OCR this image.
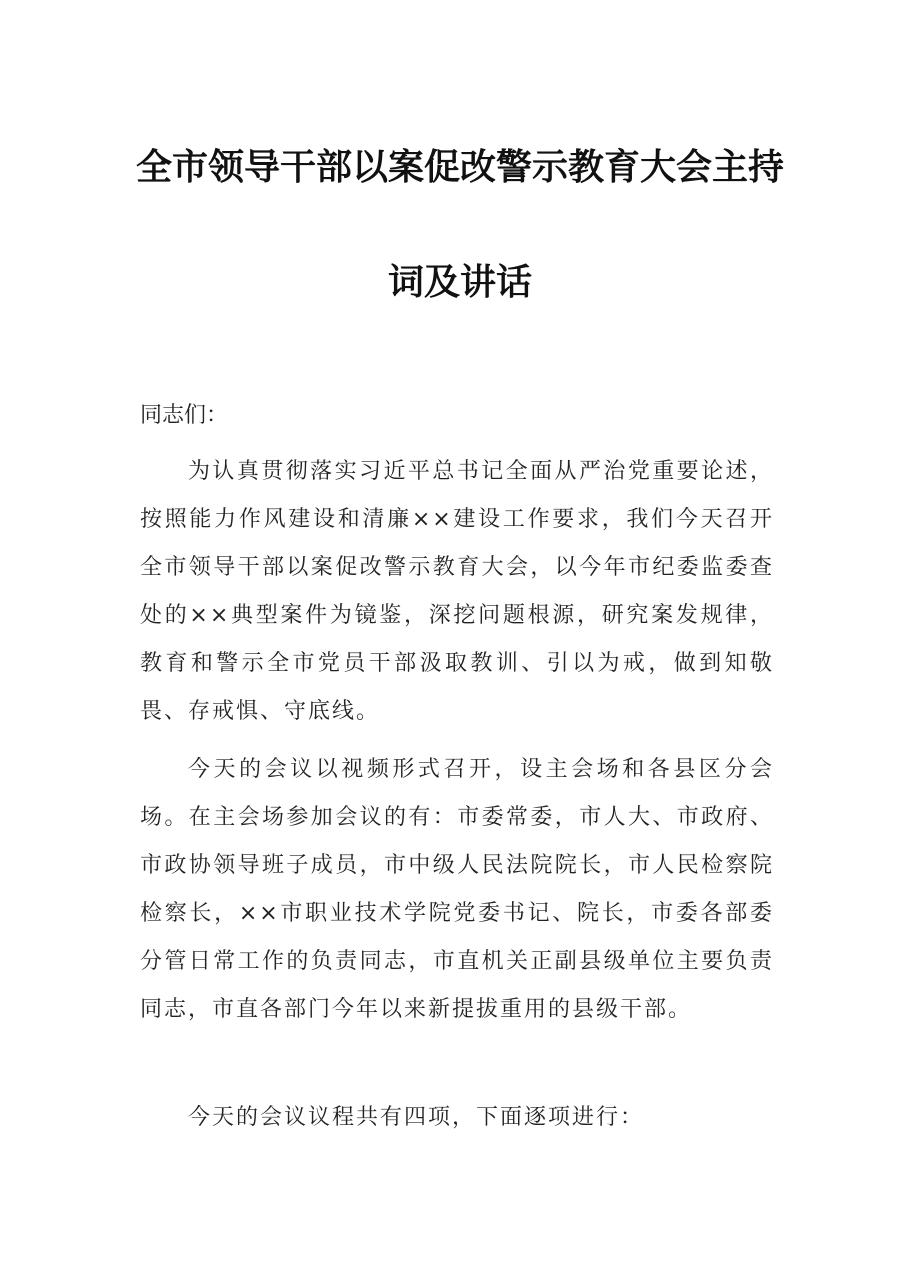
全市领导干部以案促改警示教育大会主持
词及讲话
同志们：

为认真贯彻落实习近平总书记全面从严治党重要论述，按照能力作风建设和清廉××建设工作要求，我们今天召开全市领导干部以案促改警示教育大会，以今年市纪委监委查处的××典型案件为镜鉴，深挖问题根源，研究案发规律，教育和警示全市党员干部汲取教训、引以为戒，做到知敬畏、存戒惧、守底线。

今天的会议以视频形式召开，设主会场和各县区分会场。在主会场参加会议的有：市委常委，市人大、市政府、市政协领导班子成员，市中级人民法院院长，市人民检察院检察长，××市职业技术学院党委书记、院长，市委各部委分管日常工作的负责同志，市直机关正副县级单位主要负责同志，市直各部门今年以来新提拔重用的县级干部。

今天的会议议程共有四项，下面逐项进行：
